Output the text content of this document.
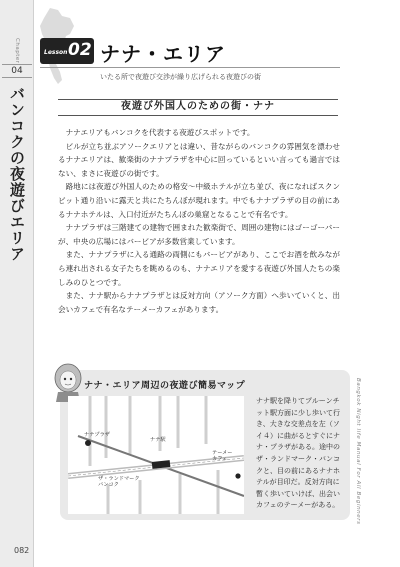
Chapter
04
バンコクの夜遊びエリア
Lesson 02 ナナ・エリア
いたる所で夜遊び交渉が繰り広げられる夜遊びの街
夜遊び外国人のための街・ナナ

ナナエリアもバンコクを代表する夜遊びスポットです。

ビルが立ち並ぶアソークエリアとは違い、昔ながらのバンコクの雰囲気を漂わせるナナエリアは、歓楽街のナナプラザを中心に回っているといい言っても過言ではない、まさに夜遊びの街です。

路地には夜遊び外国人のための格安〜中級ホテルが立ち並び、夜になればスクンビット通り沿いに露天と共にたちんぼが現れます。中でもナナプラザの目の前にあるナナホテルは、入口付近がたちんぼの巣窟となることで有名です。

ナナプラザは三階建ての建物で囲まれた歓楽街で、周囲の建物にはゴーゴーバーが、中央の広場にはバービアが多数営業しています。

また、ナナプラザに入る通路の両側にもバービアがあり、ここでお酒を飲みながら連れ出される女子たちを眺めるのも、ナナエリアを愛する夜遊び外国人たちの楽しみのひとつです。

また、ナナ駅からナナプラザとは反対方向（アソーク方面）へ歩いていくと、出会いカフェで有名なテーメーカフェがあります。

ナナ・エリア周辺の夜遊び簡易マップ
ナナプラザ
ナナ駅
ザ・ランドマーク
バンコク
テーメー
カフェ
ナナ駅を降りてプルーンチット駅方面に少し歩いて行き、大きな交差点を左（ソイ４）に曲がるとすぐにナナ・プラザがある。途中のザ・ランドマーク・バンコクと、目の前にあるナナホテルが目印だ。反対方向に暫く歩いていけば、出会いカフェのテーメーがある。	Bangkok Night life Manual For All Beginners
082
